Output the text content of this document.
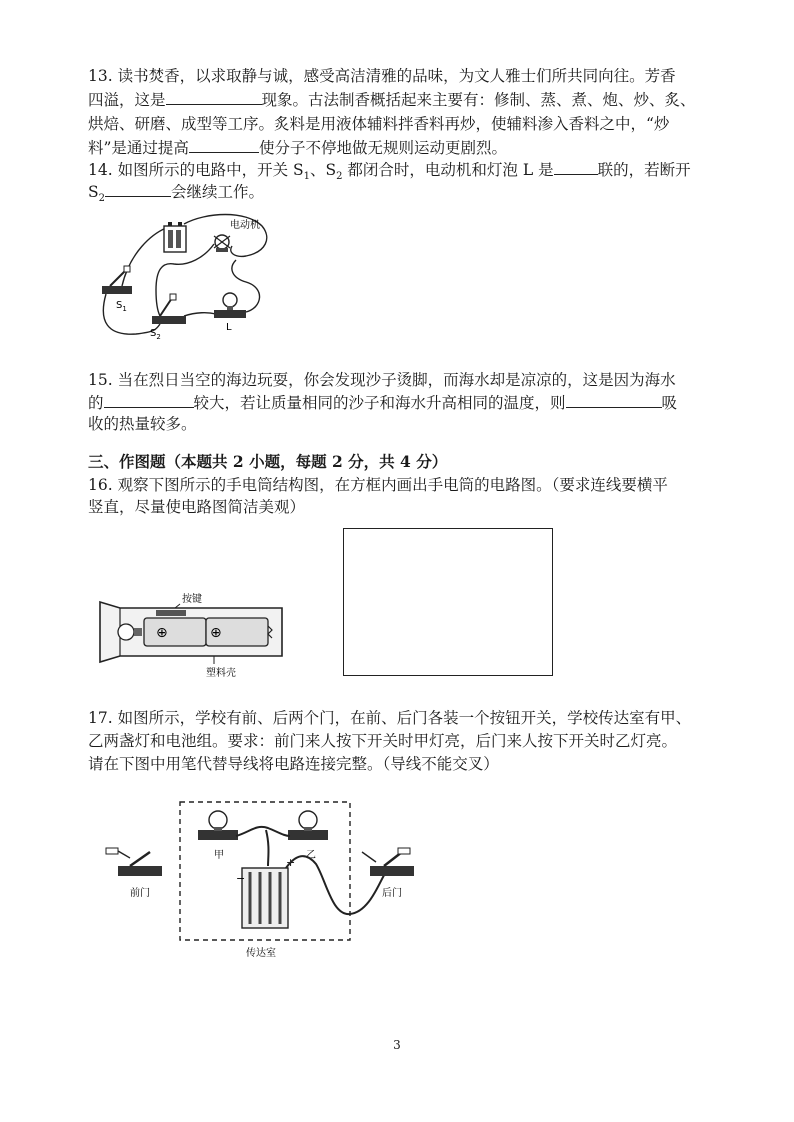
13. 读书焚香，以求取静与诚，感受高洁清雅的品味，为文人雅士们所共同向往。芳香
四溢，这是	现象。古法制香概括起来主要有：修制、蒸、煮、炮、炒、炙、
烘焙、研磨、成型等工序。炙料是用液体辅料拌香料再炒，使辅料渗入香料之中，“炒
料”是通过提高	使分子不停地做无规则运动更剧烈。
14. 如图所示的电路中，开关 $S_1$、$S_2$ 都闭合时，电动机和灯泡 L 是	联的，若断开
$S_2$	会继续工作。
电动机
$S_1$
$S_2$
L
15. 当在烈日当空的海边玩耍，你会发现沙子烫脚，而海水却是凉凉的，这是因为海水
的	较大，若让质量相同的沙子和海水升高相同的温度，则	吸
收的热量较多。
三、作图题（本题共 2 小题，每题 2 分，共 4 分）
16. 观察下图所示的手电筒结构图，在方框内画出手电筒的电路图。（要求连线要横平
竖直，尽量使电路图简洁美观）
按键
⊕	⊕
塑料壳
17. 如图所示，学校有前、后两个门，在前、后门各装一个按钮开关，学校传达室有甲、
乙两盏灯和电池组。要求：前门来人按下开关时甲灯亮，后门来人按下开关时乙灯亮。
请在下图中用笔代替导线将电路连接完整。（导线不能交叉）
甲	乙
−
+
前门	后门
传达室
3
